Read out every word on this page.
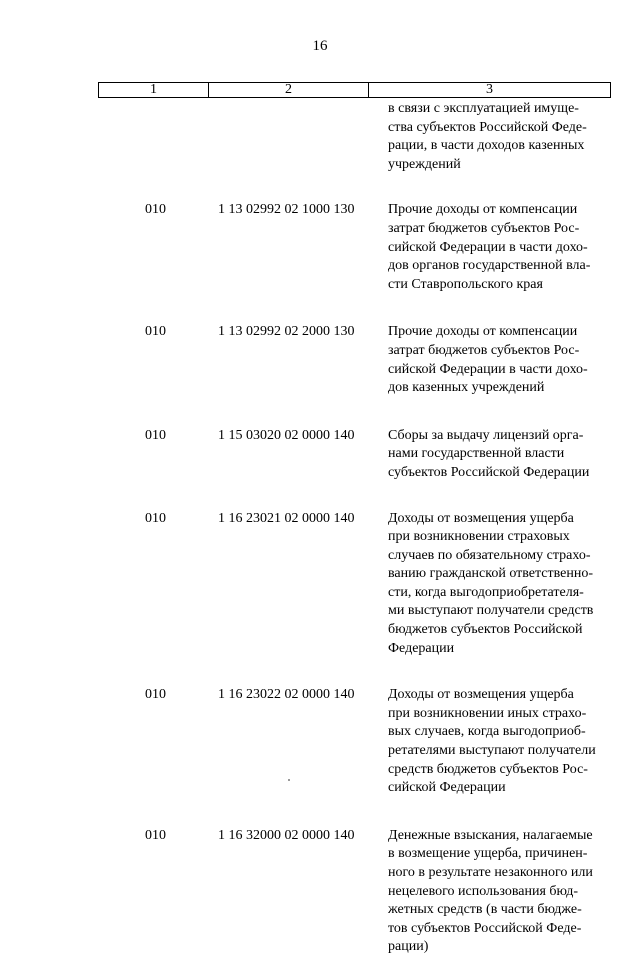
16
1	2	3
в связи с эксплуатацией имуще-
ства субъектов Российской Феде-
рации, в части доходов казенных
учреждений
010	1 13 02992 02 1000 130	Прочие доходы от компенсации
затрат бюджетов субъектов Рос-
сийской Федерации в части дохо-
дов органов государственной вла-
сти Ставропольского края
010	1 13 02992 02 2000 130	Прочие доходы от компенсации
затрат бюджетов субъектов Рос-
сийской Федерации в части дохо-
дов казенных учреждений
010	1 15 03020 02 0000 140	Сборы за выдачу лицензий орга-
нами государственной власти
субъектов Российской Федерации
010	1 16 23021 02 0000 140	Доходы от возмещения ущерба
при возникновении страховых
случаев по обязательному страхо-
ванию гражданской ответственно-
сти, когда выгодоприобретателя-
ми выступают получатели средств
бюджетов субъектов Российской
Федерации
010	1 16 23022 02 0000 140	Доходы от возмещения ущерба
при возникновении иных страхо-
вых случаев, когда выгодоприоб-
ретателями выступают получатели
средств бюджетов субъектов Рос-
сийской Федерации
010	1 16 32000 02 0000 140	Денежные взыскания, налагаемые
в возмещение ущерба, причинен-
ного в результате незаконного или
нецелевого использования бюд-
жетных средств (в части бюдже-
тов субъектов Российской Феде-
рации)
